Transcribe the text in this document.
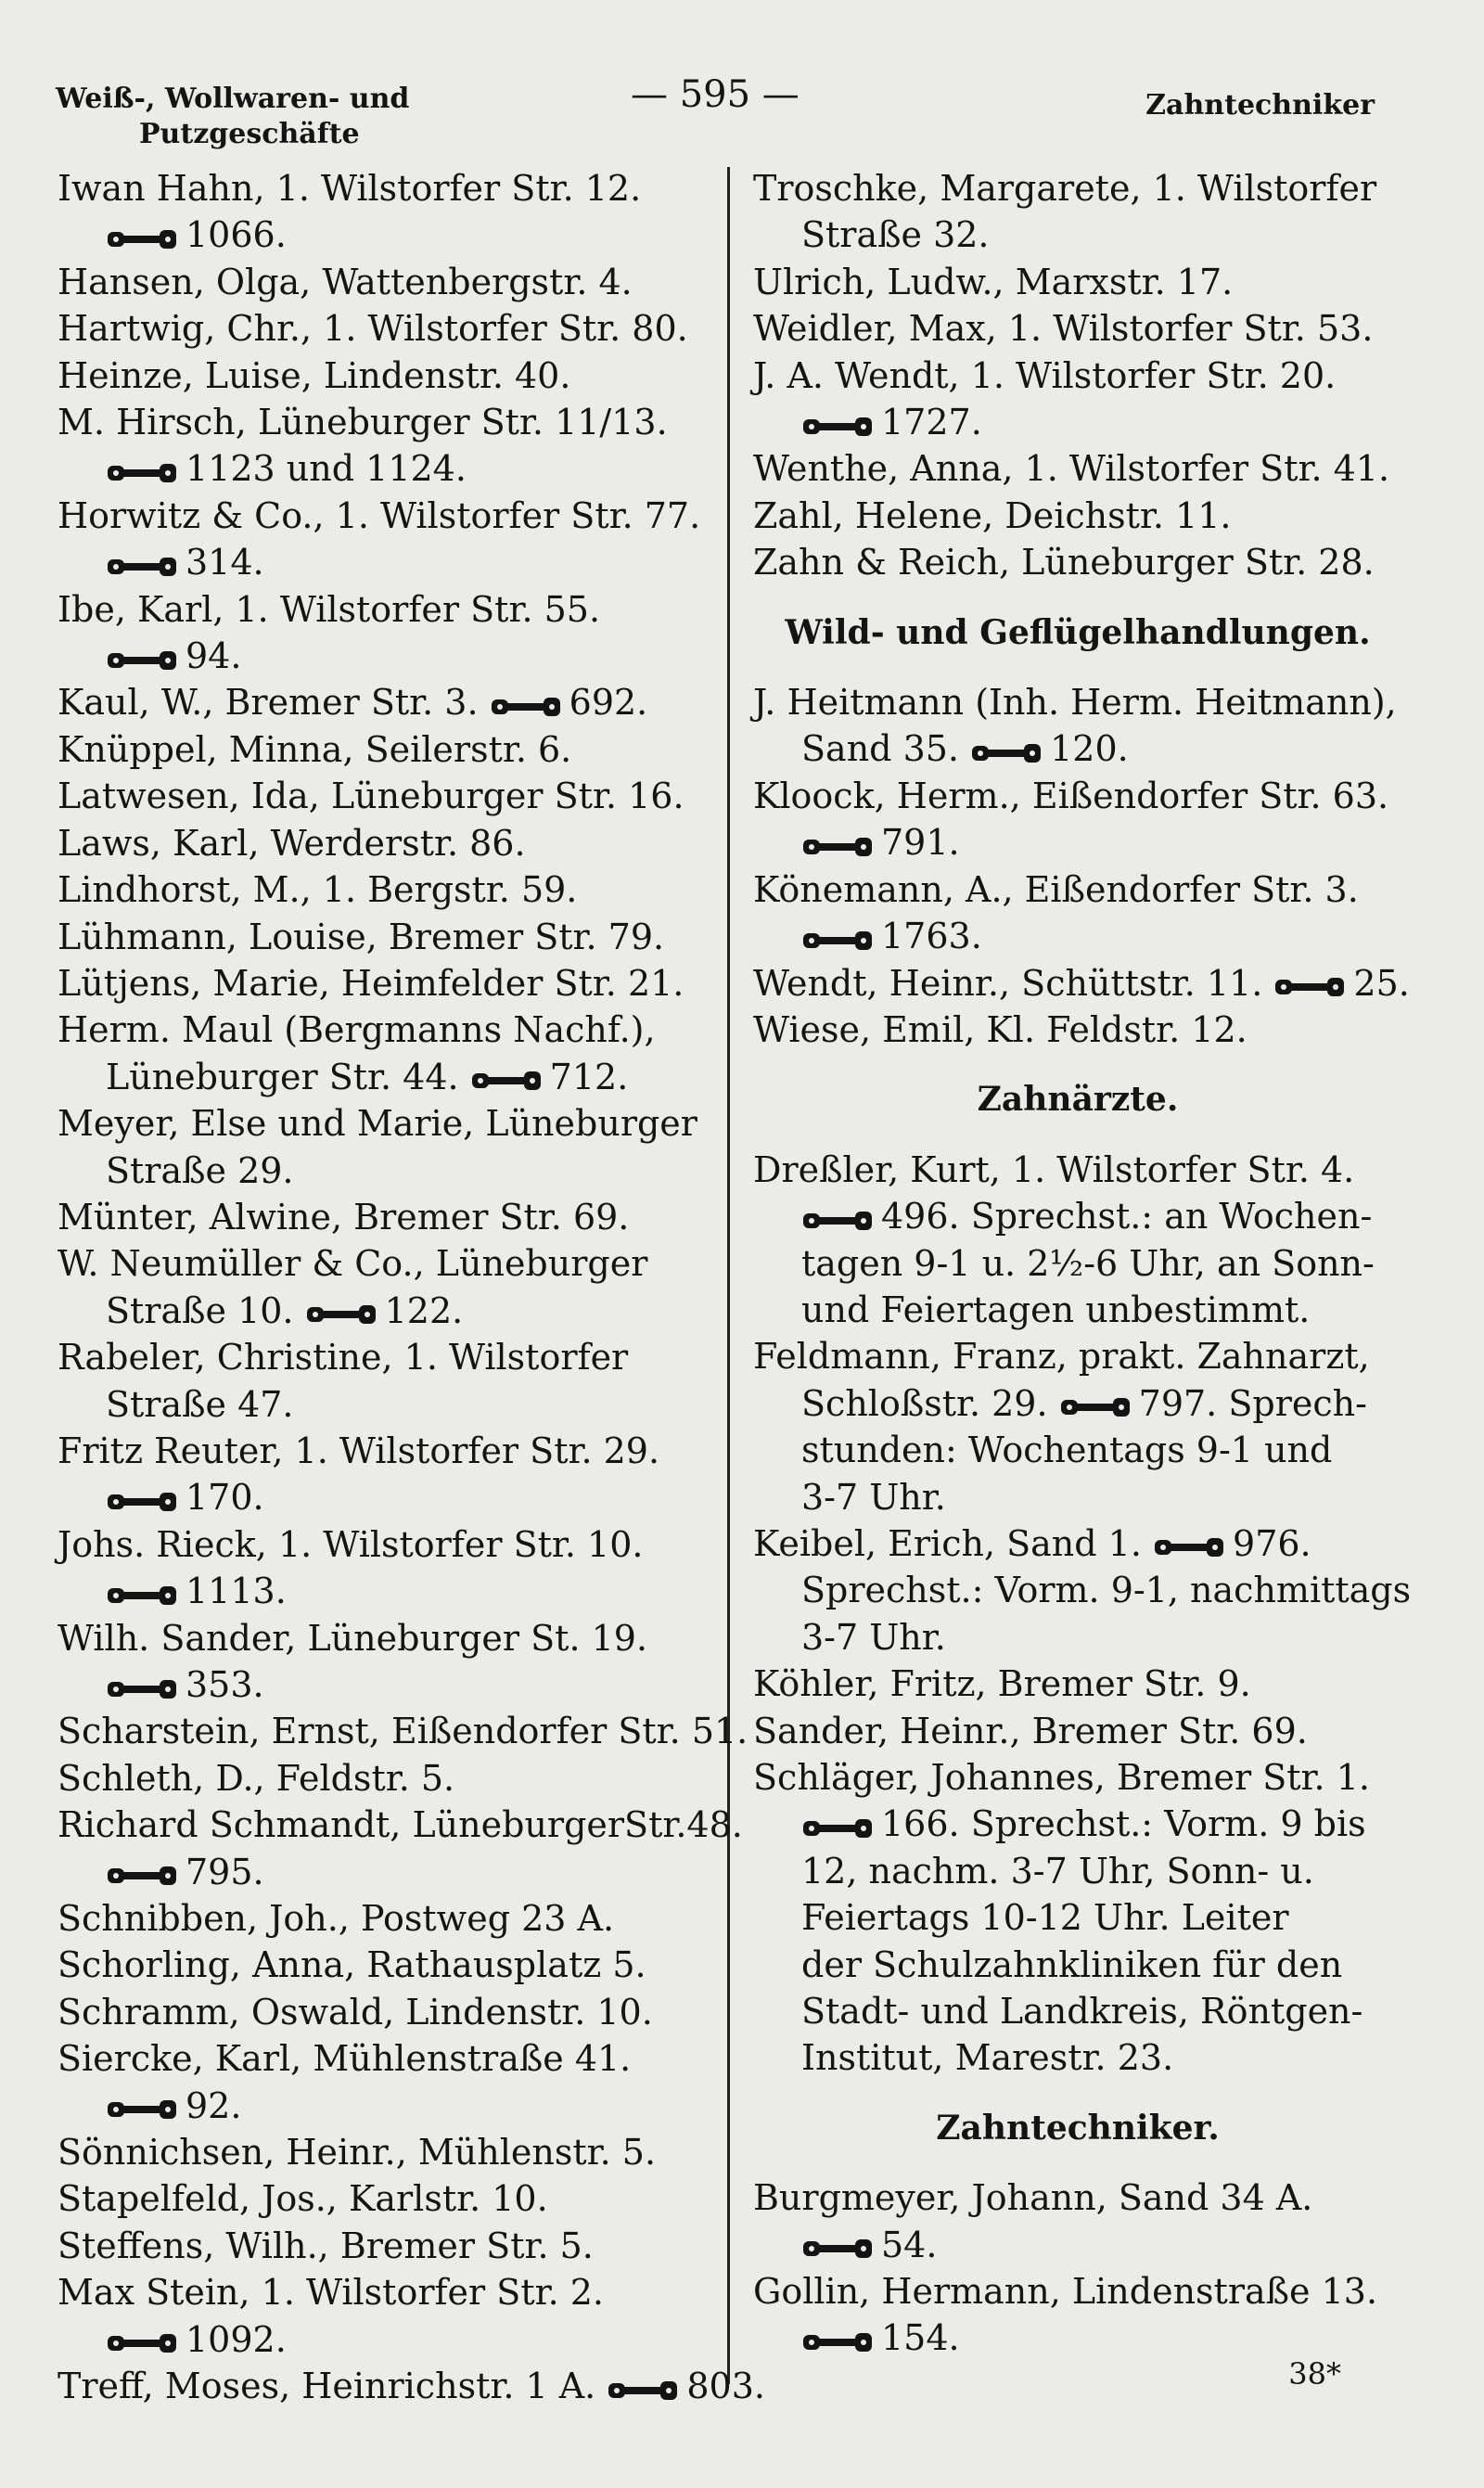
Weiß-, Wollwaren- und
Putzgeschäfte
— 595 —	Zahntechniker
Iwan Hahn, 1. Wilstorfer Str. 12.
1066.
Hansen, Olga, Wattenbergstr. 4.
Hartwig, Chr., 1. Wilstorfer Str. 80.
Heinze, Luise, Lindenstr. 40.
M. Hirsch, Lüneburger Str. 11/13.
1123 und 1124.
Horwitz & Co., 1. Wilstorfer Str. 77.
314.
Ibe, Karl, 1. Wilstorfer Str. 55.
94.
Kaul, W., Bremer Str. 3.	692.
Knüppel, Minna, Seilerstr. 6.
Latwesen, Ida, Lüneburger Str. 16.
Laws, Karl, Werderstr. 86.
Lindhorst, M., 1. Bergstr. 59.
Lühmann, Louise, Bremer Str. 79.
Lütjens, Marie, Heimfelder Str. 21.
Herm. Maul (Bergmanns Nachf.),
Lüneburger Str. 44.	712.
Meyer, Else und Marie, Lüneburger
Straße 29.
Münter, Alwine, Bremer Str. 69.
W. Neumüller & Co., Lüneburger
Straße 10.	122.
Rabeler, Christine, 1. Wilstorfer
Straße 47.
Fritz Reuter, 1. Wilstorfer Str. 29.
170.
Johs. Rieck, 1. Wilstorfer Str. 10.
1113.
Wilh. Sander, Lüneburger St. 19.
353.
Scharstein, Ernst, Eißendorfer Str. 51.
Schleth, D., Feldstr. 5.
Richard Schmandt, LüneburgerStr.48.
795.
Schnibben, Joh., Postweg 23 A.
Schorling, Anna, Rathausplatz 5.
Schramm, Oswald, Lindenstr. 10.
Siercke, Karl, Mühlenstraße 41.
92.
Sönnichsen, Heinr., Mühlenstr. 5.
Stapelfeld, Jos., Karlstr. 10.
Steffens, Wilh., Bremer Str. 5.
Max Stein, 1. Wilstorfer Str. 2.
1092.
Treff, Moses, Heinrichstr. 1 A.	803.
Troschke, Margarete, 1. Wilstorfer
Straße 32.
Ulrich, Ludw., Marxstr. 17.
Weidler, Max, 1. Wilstorfer Str. 53.
J. A. Wendt, 1. Wilstorfer Str. 20.
1727.
Wenthe, Anna, 1. Wilstorfer Str. 41.
Zahl, Helene, Deichstr. 11.
Zahn & Reich, Lüneburger Str. 28.
Wild- und Geflügelhandlungen.
J. Heitmann (Inh. Herm. Heitmann),
Sand 35.	120.
Kloock, Herm., Eißendorfer Str. 63.
791.
Könemann, A., Eißendorfer Str. 3.
1763.
Wendt, Heinr., Schüttstr. 11.	25.
Wiese, Emil, Kl. Feldstr. 12.
Zahnärzte.
Dreßler, Kurt, 1. Wilstorfer Str. 4.
496. Sprechst.: an Wochen-
tagen 9-1 u. 2½-6 Uhr, an Sonn-
und Feiertagen unbestimmt.
Feldmann, Franz, prakt. Zahnarzt,
Schloßstr. 29.	797. Sprech-
stunden: Wochentags 9-1 und
3-7 Uhr.
Keibel, Erich, Sand 1.	976.
Sprechst.: Vorm. 9-1, nachmittags
3-7 Uhr.
Köhler, Fritz, Bremer Str. 9.
Sander, Heinr., Bremer Str. 69.
Schläger, Johannes, Bremer Str. 1.
166. Sprechst.: Vorm. 9 bis
12, nachm. 3-7 Uhr, Sonn- u.
Feiertags 10-12 Uhr. Leiter
der Schulzahnkliniken für den
Stadt- und Landkreis, Röntgen-
Institut, Marestr. 23.
Zahntechniker.
Burgmeyer, Johann, Sand 34 A.
54.
Gollin, Hermann, Lindenstraße 13.
154.
38*
